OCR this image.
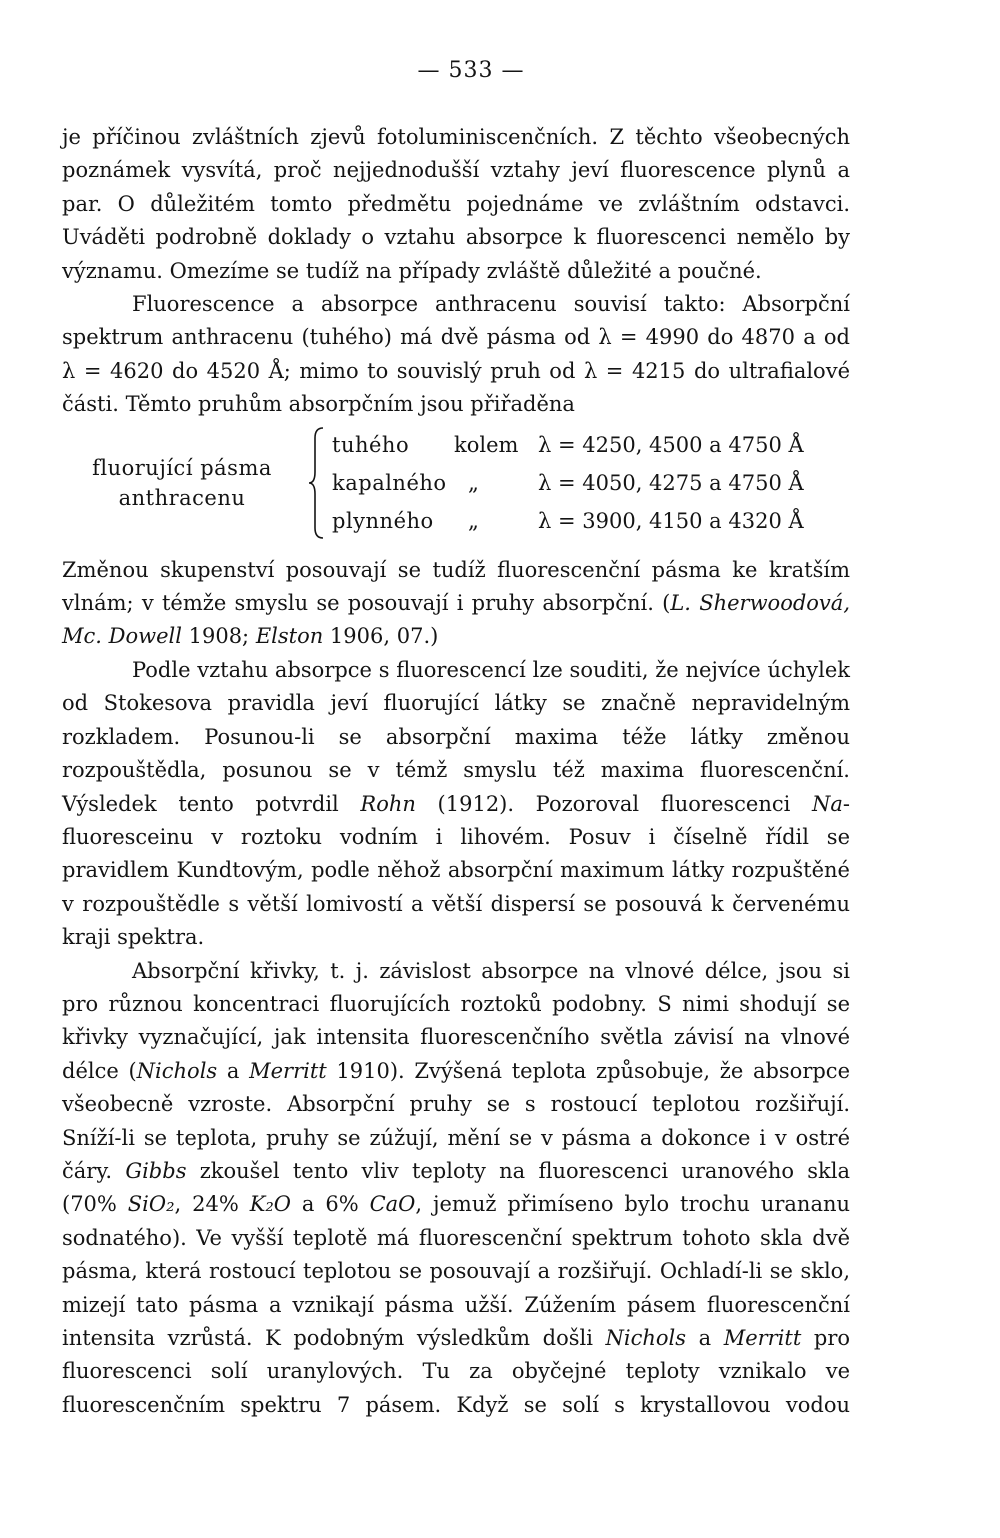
— 533 —

je příčinou zvláštních zjevů fotoluminiscenčních. Z těchto všeobecných poznámek vysvítá, proč nejjednodušší vztahy jeví fluorescence plynů a par. O důležitém tomto předmětu pojednáme ve zvláštním odstavci. Uváděti podrobně doklady o vztahu absorpce k fluorescenci nemělo by významu. Omezíme se tudíž na případy zvláště důležité a poučné.

Fluorescence a absorpce anthracenu souvisí takto: Absorpční spektrum anthracenu (tuhého) má dvě pásma od λ = 4990 do 4870 a od λ = 4620 do 4520 Å; mimo to souvislý pruh od λ = 4215 do ultrafialové části. Těmto pruhům absorpčním jsou přiřaděna

fluorující pásma anthracenu
tuhého	kolem λ = 4250, 4500 a 4750 Å
kapalného	„	λ = 4050, 4275 a 4750 Å
plynného	„	λ = 3900, 4150 a 4320 Å

Změnou skupenství posouvají se tudíž fluorescenční pásma ke kratším vlnám; v témže smyslu se posouvají i pruhy absorpční. (L. Sherwoodová, Mc. Dowell 1908; Elston 1906, 07.)

Podle vztahu absorpce s fluorescencí lze souditi, že nejvíce úchylek od Stokesova pravidla jeví fluorující látky se značně nepravidelným rozkladem. Posunou-li se absorpční maxima téže látky změnou rozpouštědla, posunou se v témž smyslu též maxima fluorescenční. Výsledek tento potvrdil Rohn (1912). Pozoroval fluorescenci Na-fluoresceinu v roztoku vodním i lihovém. Posuv i číselně řídil se pravidlem Kundtovým, podle něhož absorpční maximum látky rozpuštěné v rozpouštědle s větší lomivostí a větší dispersí se posouvá k červenému kraji spektra.

Absorpční křivky, t. j. závislost absorpce na vlnové délce, jsou si pro různou koncentraci fluorujících roztoků podobny. S nimi shodují se křivky vyznačující, jak intensita fluorescenčního světla závisí na vlnové délce (Nichols a Merritt 1910). Zvýšená teplota způsobuje, že absorpce všeobecně vzroste. Absorpční pruhy se s rostoucí teplotou rozšiřují. Sníží-li se teplota, pruhy se zúžují, mění se v pásma a dokonce i v ostré čáry. Gibbs zkoušel tento vliv teploty na fluorescenci uranového skla (70% SiO₂, 24% K₂O a 6% CaO, jemuž přimíseno bylo trochu urananu sodnatého). Ve vyšší teplotě má fluorescenční spektrum tohoto skla dvě pásma, která rostoucí teplotou se posouvají a rozšiřují. Ochladí-li se sklo, mizejí tato pásma a vznikají pásma užší. Zúžením pásem fluorescenční intensita vzrůstá. K podobným výsledkům došli Nichols a Merritt pro fluorescenci solí uranylových. Tu za obyčejné teploty vznikalo ve fluorescenčním spektru 7 pásem. Když se solí s krystallovou vodou
